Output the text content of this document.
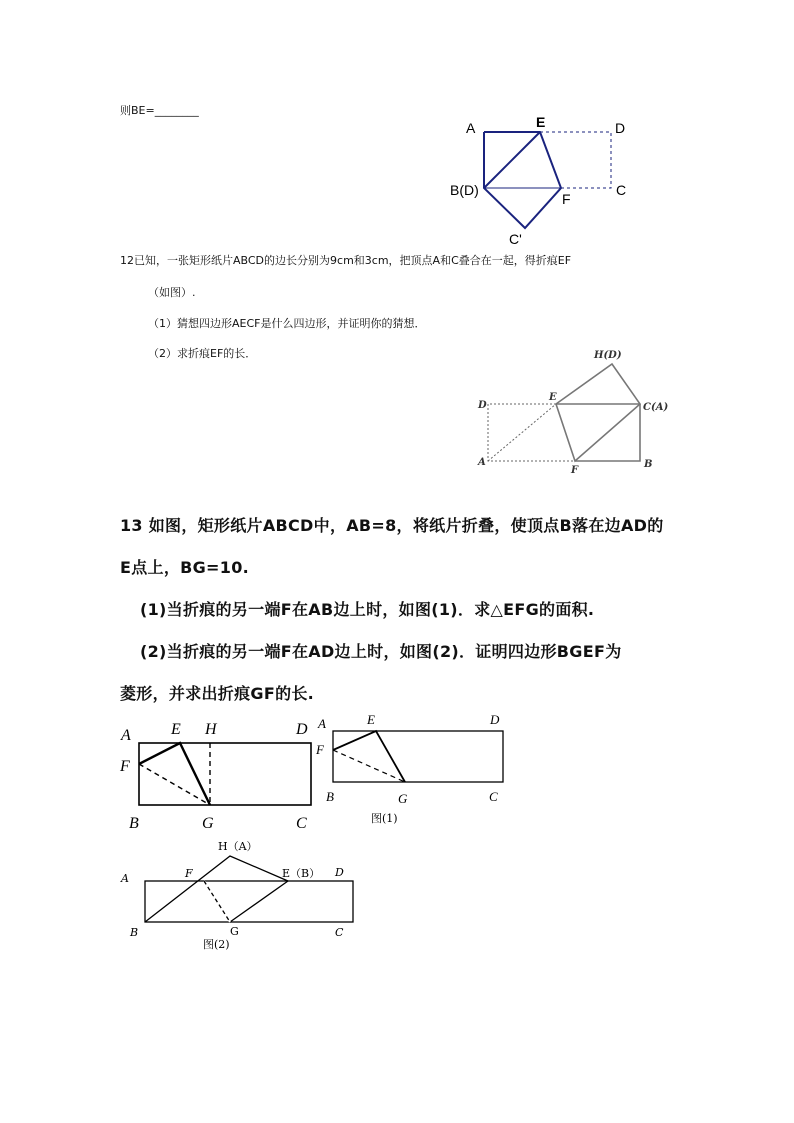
则BE=________
A	E	D
B(D)
F
C
C'
12已知，一张矩形纸片ABCD的边长分别为9cm和3cm，把顶点A和C叠合在一起，得折痕EF
（如图）.
（1）猜想四边形AECF是什么四边形，并证明你的猜想．
（2）求折痕EF的长．	H(D)
D
E
C(A)
A
F
B
13 如图，矩形纸片ABCD中，AB=8，将纸片折叠，使顶点B落在边AD的
E点上，BG=10.
(1)当折痕的另一端F在AB边上时，如图(1)．求△EFG的面积.
(2)当折痕的另一端F在AD边上时，如图(2)．证明四边形BGEF为
菱形，并求出折痕GF的长.
A	E H	D
F
B	G	C
A	E	D
F
B	G	C
图(1)
H（A）
A	F	E（B） D
B	G	C
图(2)
